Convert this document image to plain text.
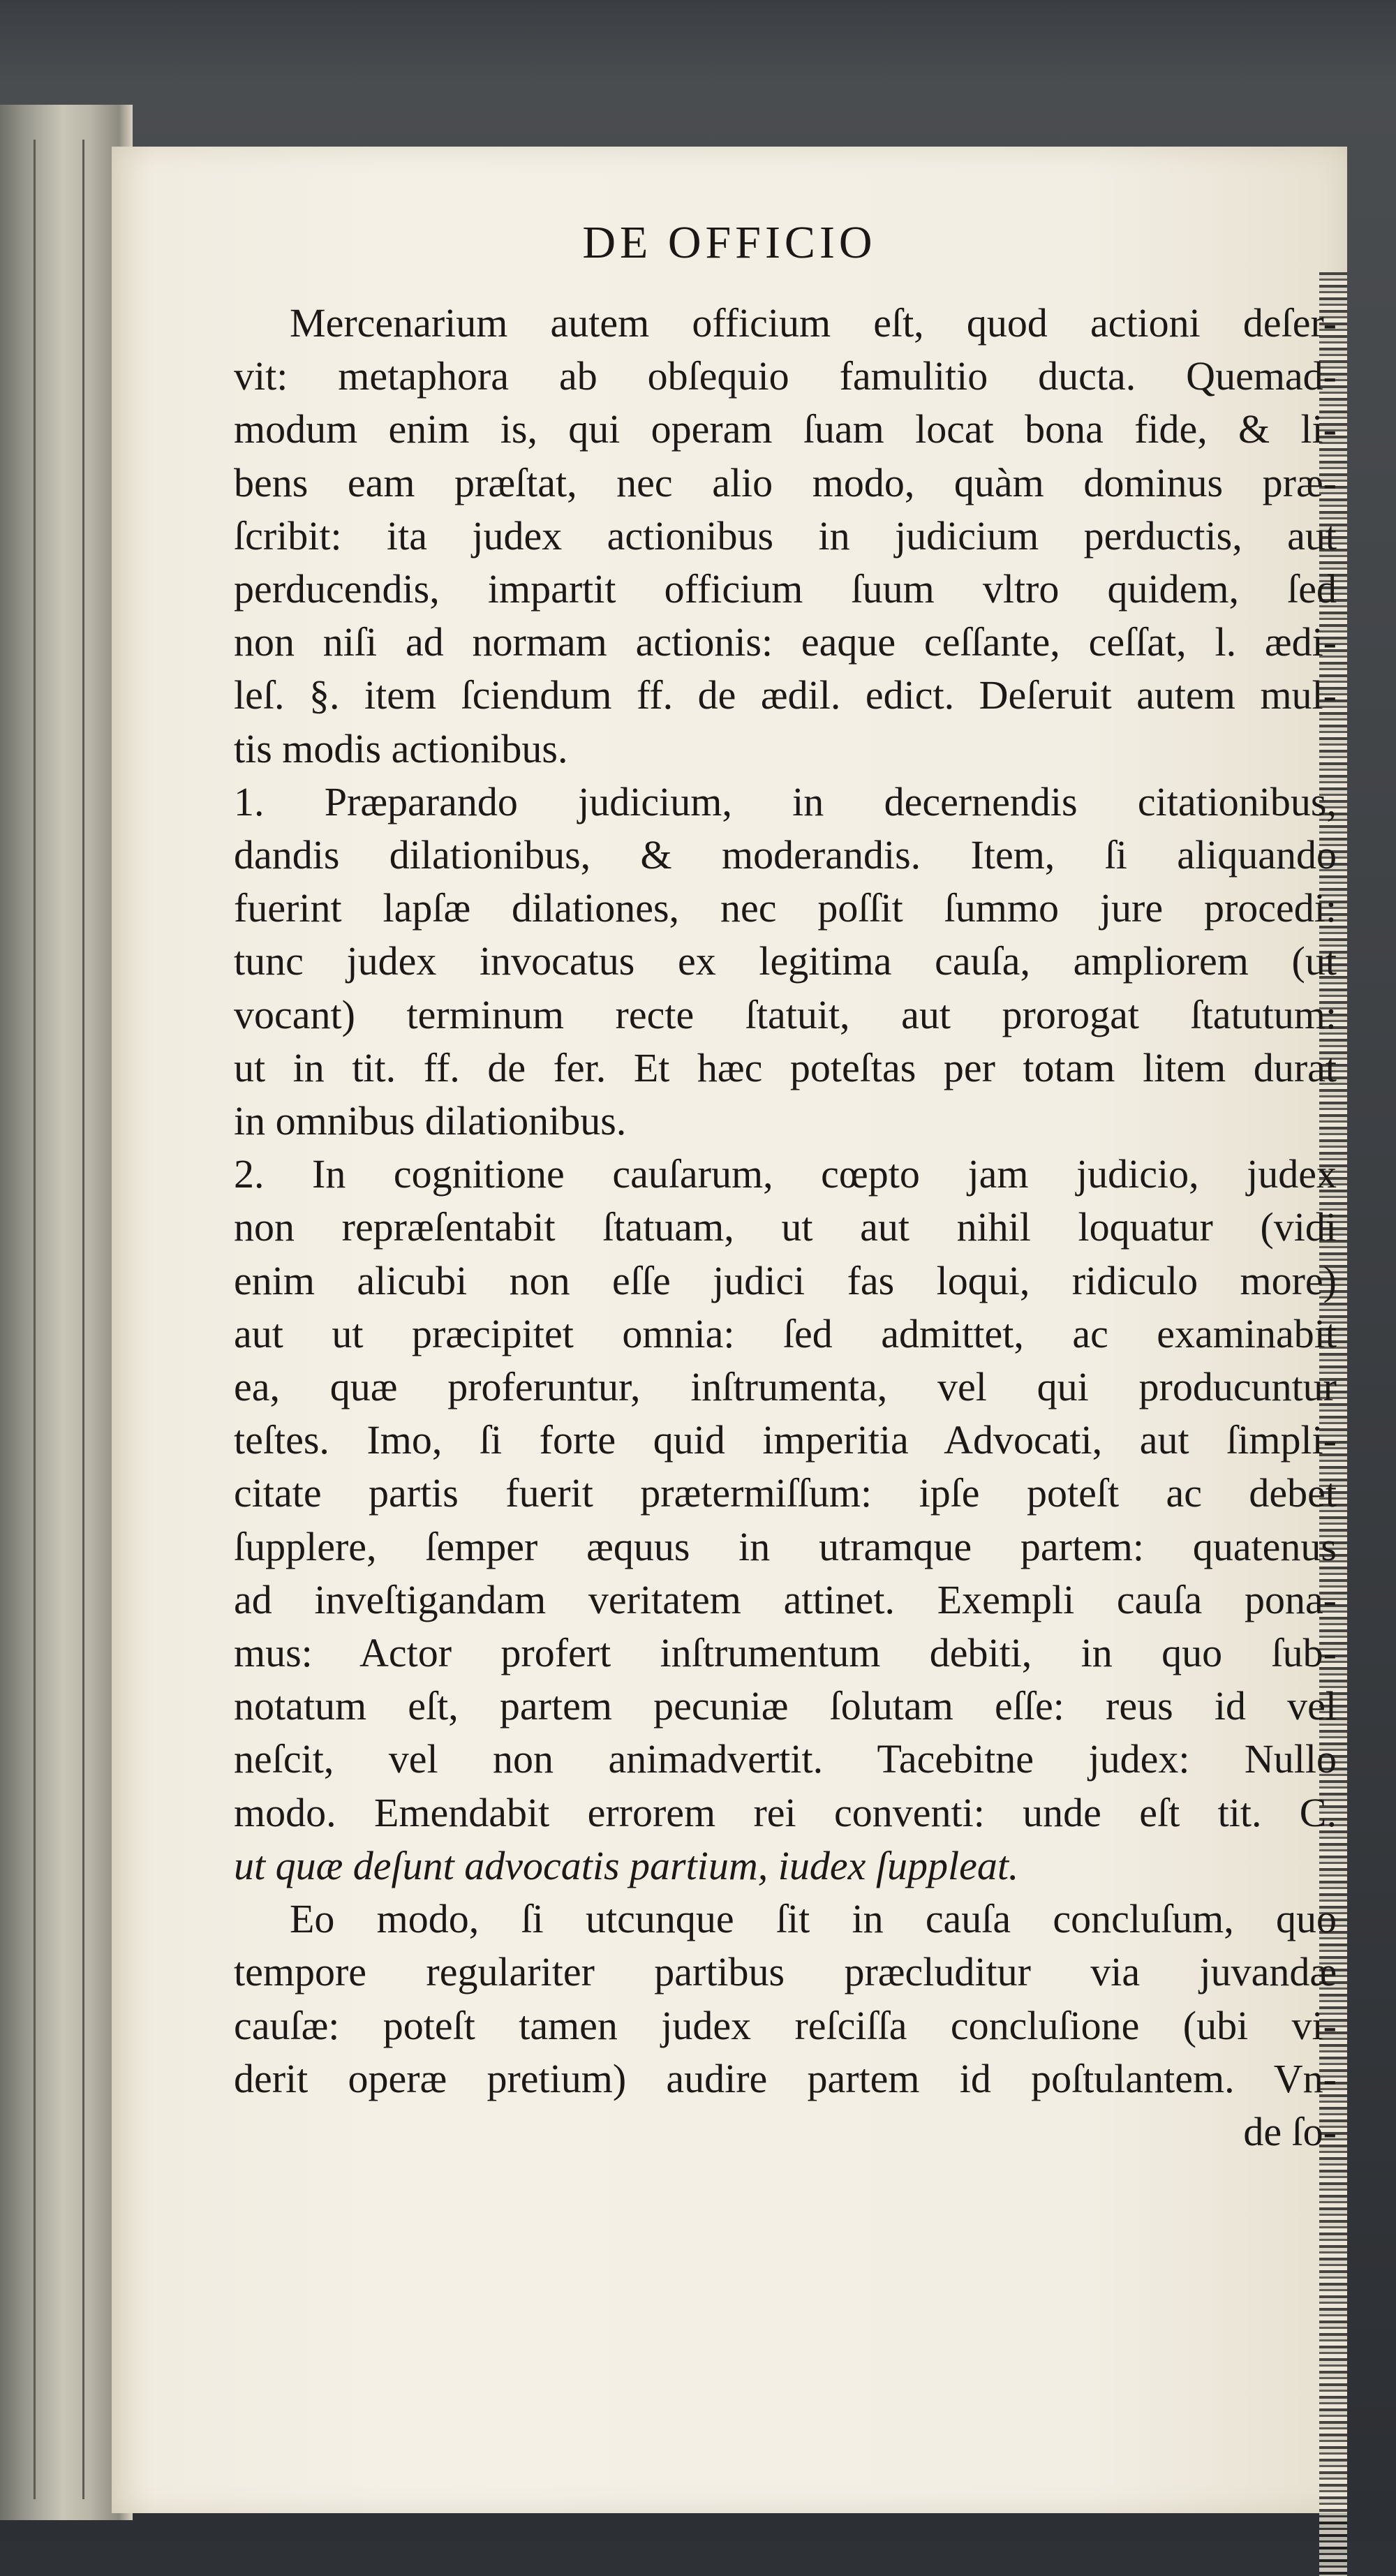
DE OFFICIO
Mercenarium autem officium eſt, quod actioni deſer-
vit: metaphora ab obſequio famulitio ducta. Quemad-
modum enim is, qui operam ſuam locat bona fide, & li-
bens eam præſtat, nec alio modo, quàm dominus præ-
ſcribit: ita judex actionibus in judicium perductis, aut
perducendis, impartit officium ſuum vltro quidem, ſed
non niſi ad normam actionis: eaque ceſſante, ceſſat, l. ædi-
leſ. §. item ſciendum ff. de ædil. edict. Deſeruit autem mul-
tis modis actionibus.
1. Præparando judicium, in decernendis citationibus,
dandis dilationibus, & moderandis. Item, ſi aliquando
fuerint lapſæ dilationes, nec poſſit ſummo jure procedi:
tunc judex invocatus ex legitima cauſa, ampliorem (ut
vocant) terminum recte ſtatuit, aut prorogat ſtatutum:
ut in tit. ff. de fer. Et hæc poteſtas per totam litem durat
in omnibus dilationibus.
2. In cognitione cauſarum, cœpto jam judicio, judex
non repræſentabit ſtatuam, ut aut nihil loquatur (vidi
enim alicubi non eſſe judici fas loqui, ridiculo more)
aut ut præcipitet omnia: ſed admittet, ac examinabit
ea, quæ proferuntur, inſtrumenta, vel qui producuntur
teſtes. Imo, ſi forte quid imperitia Advocati, aut ſimpli-
citate partis fuerit prætermiſſum: ipſe poteſt ac debet
ſupplere, ſemper æquus in utramque partem: quatenus
ad inveſtigandam veritatem attinet. Exempli cauſa pona-
mus: Actor profert inſtrumentum debiti, in quo ſub-
notatum eſt, partem pecuniæ ſolutam eſſe: reus id vel
neſcit, vel non animadvertit. Tacebitne judex: Nullo
modo. Emendabit errorem rei conventi: unde eſt tit. C.
ut quæ deſunt advocatis partium, iudex ſuppleat.
Eo modo, ſi utcunque ſit in cauſa concluſum, quo
tempore regulariter partibus præcluditur via juvandæ
cauſæ: poteſt tamen judex reſciſſa concluſione (ubi vi-
derit operæ pretium) audire partem id poſtulantem. Vn-
de ſo-
